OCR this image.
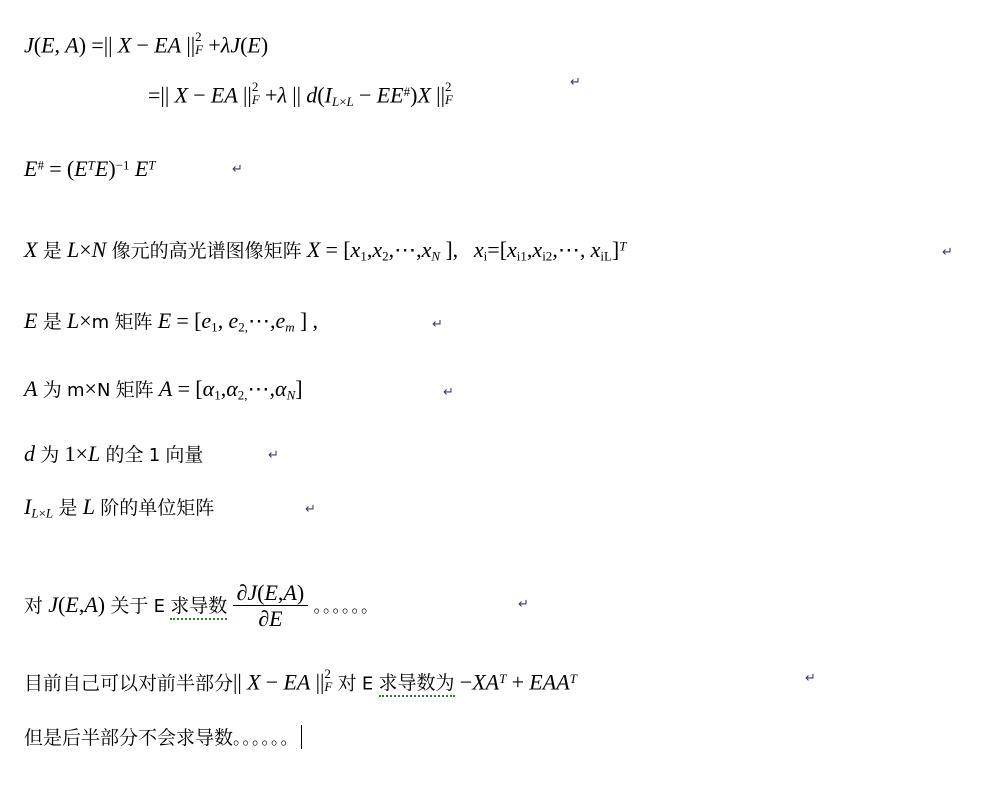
J(E, A) =|| X − EA || 2
F +λJ(E)
=|| X − EA || 2
F +λ || $d(I_{L\times L} - EE^{\#})X$ || 2
F
↵
$E^{\#} = (E^TE)^{-1}$ $E^T$	↵
X 是 L×N 像元的高光谱图像矩阵 $X = [x_1,x_2,\cdots,x_N$ ], $x_i=[x_{i1},x_{i2},\cdots$, $x_{iL}]^T$	↵
E 是 L×m 矩阵 $E = [e_1$, $e_{2,}\cdots,e_m$ ] ,	↵
A 为 m×N 矩阵 $A = [\alpha_1,\alpha_{2,}\cdots,\alpha_N]$	↵
d 为 1×L 的全 1 向量	↵
$I_{L\times L}$ 是 L 阶的单位矩阵	↵
对 J(E,A) 关于 E 求导数 $\frac{\partial J(E,A)}{\partial E}$ 。。。。。。	↵
目前自己可以对前半部分|| X − EA || 2
F 对 E 求导数为 $-XA^T + EAA^T$	↵
但是后半部分不会求导数。。。。。。
